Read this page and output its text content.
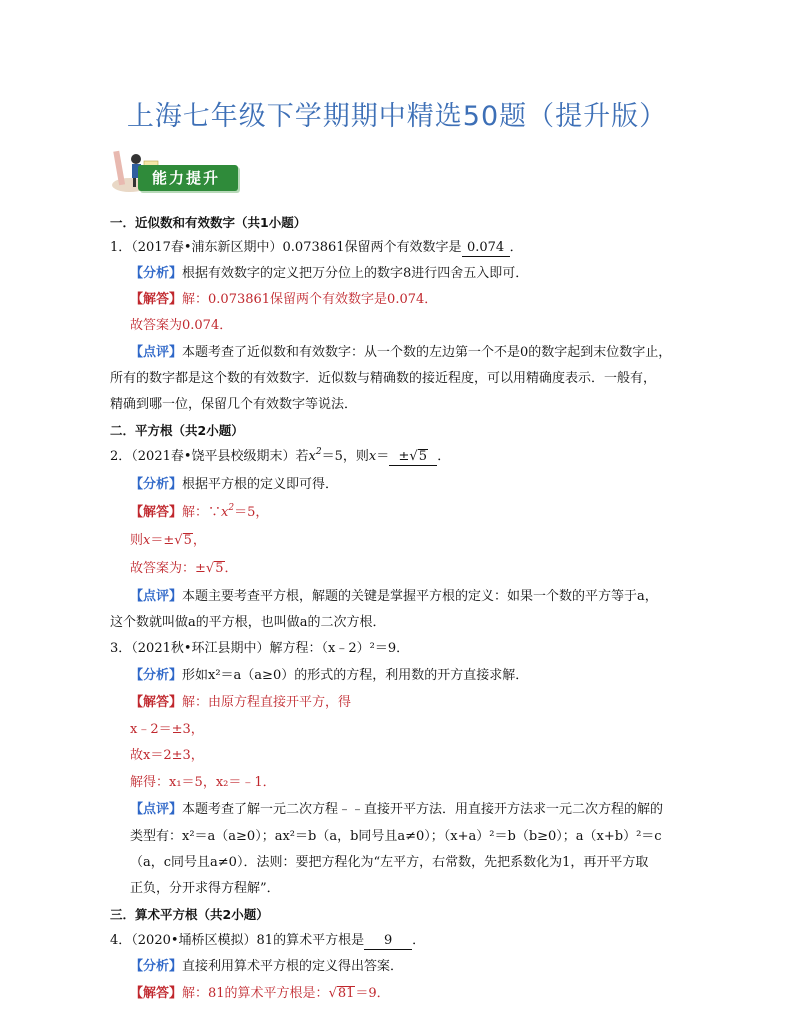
上海七年级下学期期中精选50题（提升版）
能力提升
一．近似数和有效数字（共1小题）
1．（2017春•浦东新区期中）0.073861保留两个有效数字是 0.074 ．
【分析】根据有效数字的定义把万分位上的数字8进行四舍五入即可．
【解答】解：0.073861保留两个有效数字是0.074．
故答案为0.074．
【点评】本题考查了近似数和有效数字：从一个数的左边第一个不是0的数字起到末位数字止，
所有的数字都是这个数的有效数字．近似数与精确数的接近程度，可以用精确度表示．一般有，
精确到哪一位，保留几个有效数字等说法．
二．平方根（共2小题）
2．（2021春•饶平县校级期末）若$x^2=5$，则x＝ ±√5 ．
【分析】根据平方根的定义即可得．
【解答】解：$\because x^2=5$，
则x＝±√5，
故答案为：±√5．
【点评】本题主要考查平方根，解题的关键是掌握平方根的定义：如果一个数的平方等于a，
这个数就叫做a的平方根，也叫做a的二次方根．
3．（2021秋•环江县期中）解方程：（x﹣2）²＝9．
【分析】形如x²＝a（a≥0）的形式的方程，利用数的开方直接求解．
【解答】解：由原方程直接开平方，得
x﹣2＝±3，
故x＝2±3，
解得：x₁＝5，x₂＝﹣1．
【点评】本题考查了解一元二次方程﹣﹣直接开平方法．用直接开方法求一元二次方程的解的
类型有：x²＝a（a≥0）；ax²＝b（a，b同号且a≠0）；（x+a）²＝b（b≥0）；a（x+b）²＝c
（a，c同号且a≠0）．法则：要把方程化为“左平方，右常数，先把系数化为1，再开平方取
正负，分开求得方程解”．
三．算术平方根（共2小题）
4．（2020•埇桥区模拟）81的算术平方根是 9 ．
【分析】直接利用算术平方根的定义得出答案．
【解答】解：81的算术平方根是：√81＝9．
